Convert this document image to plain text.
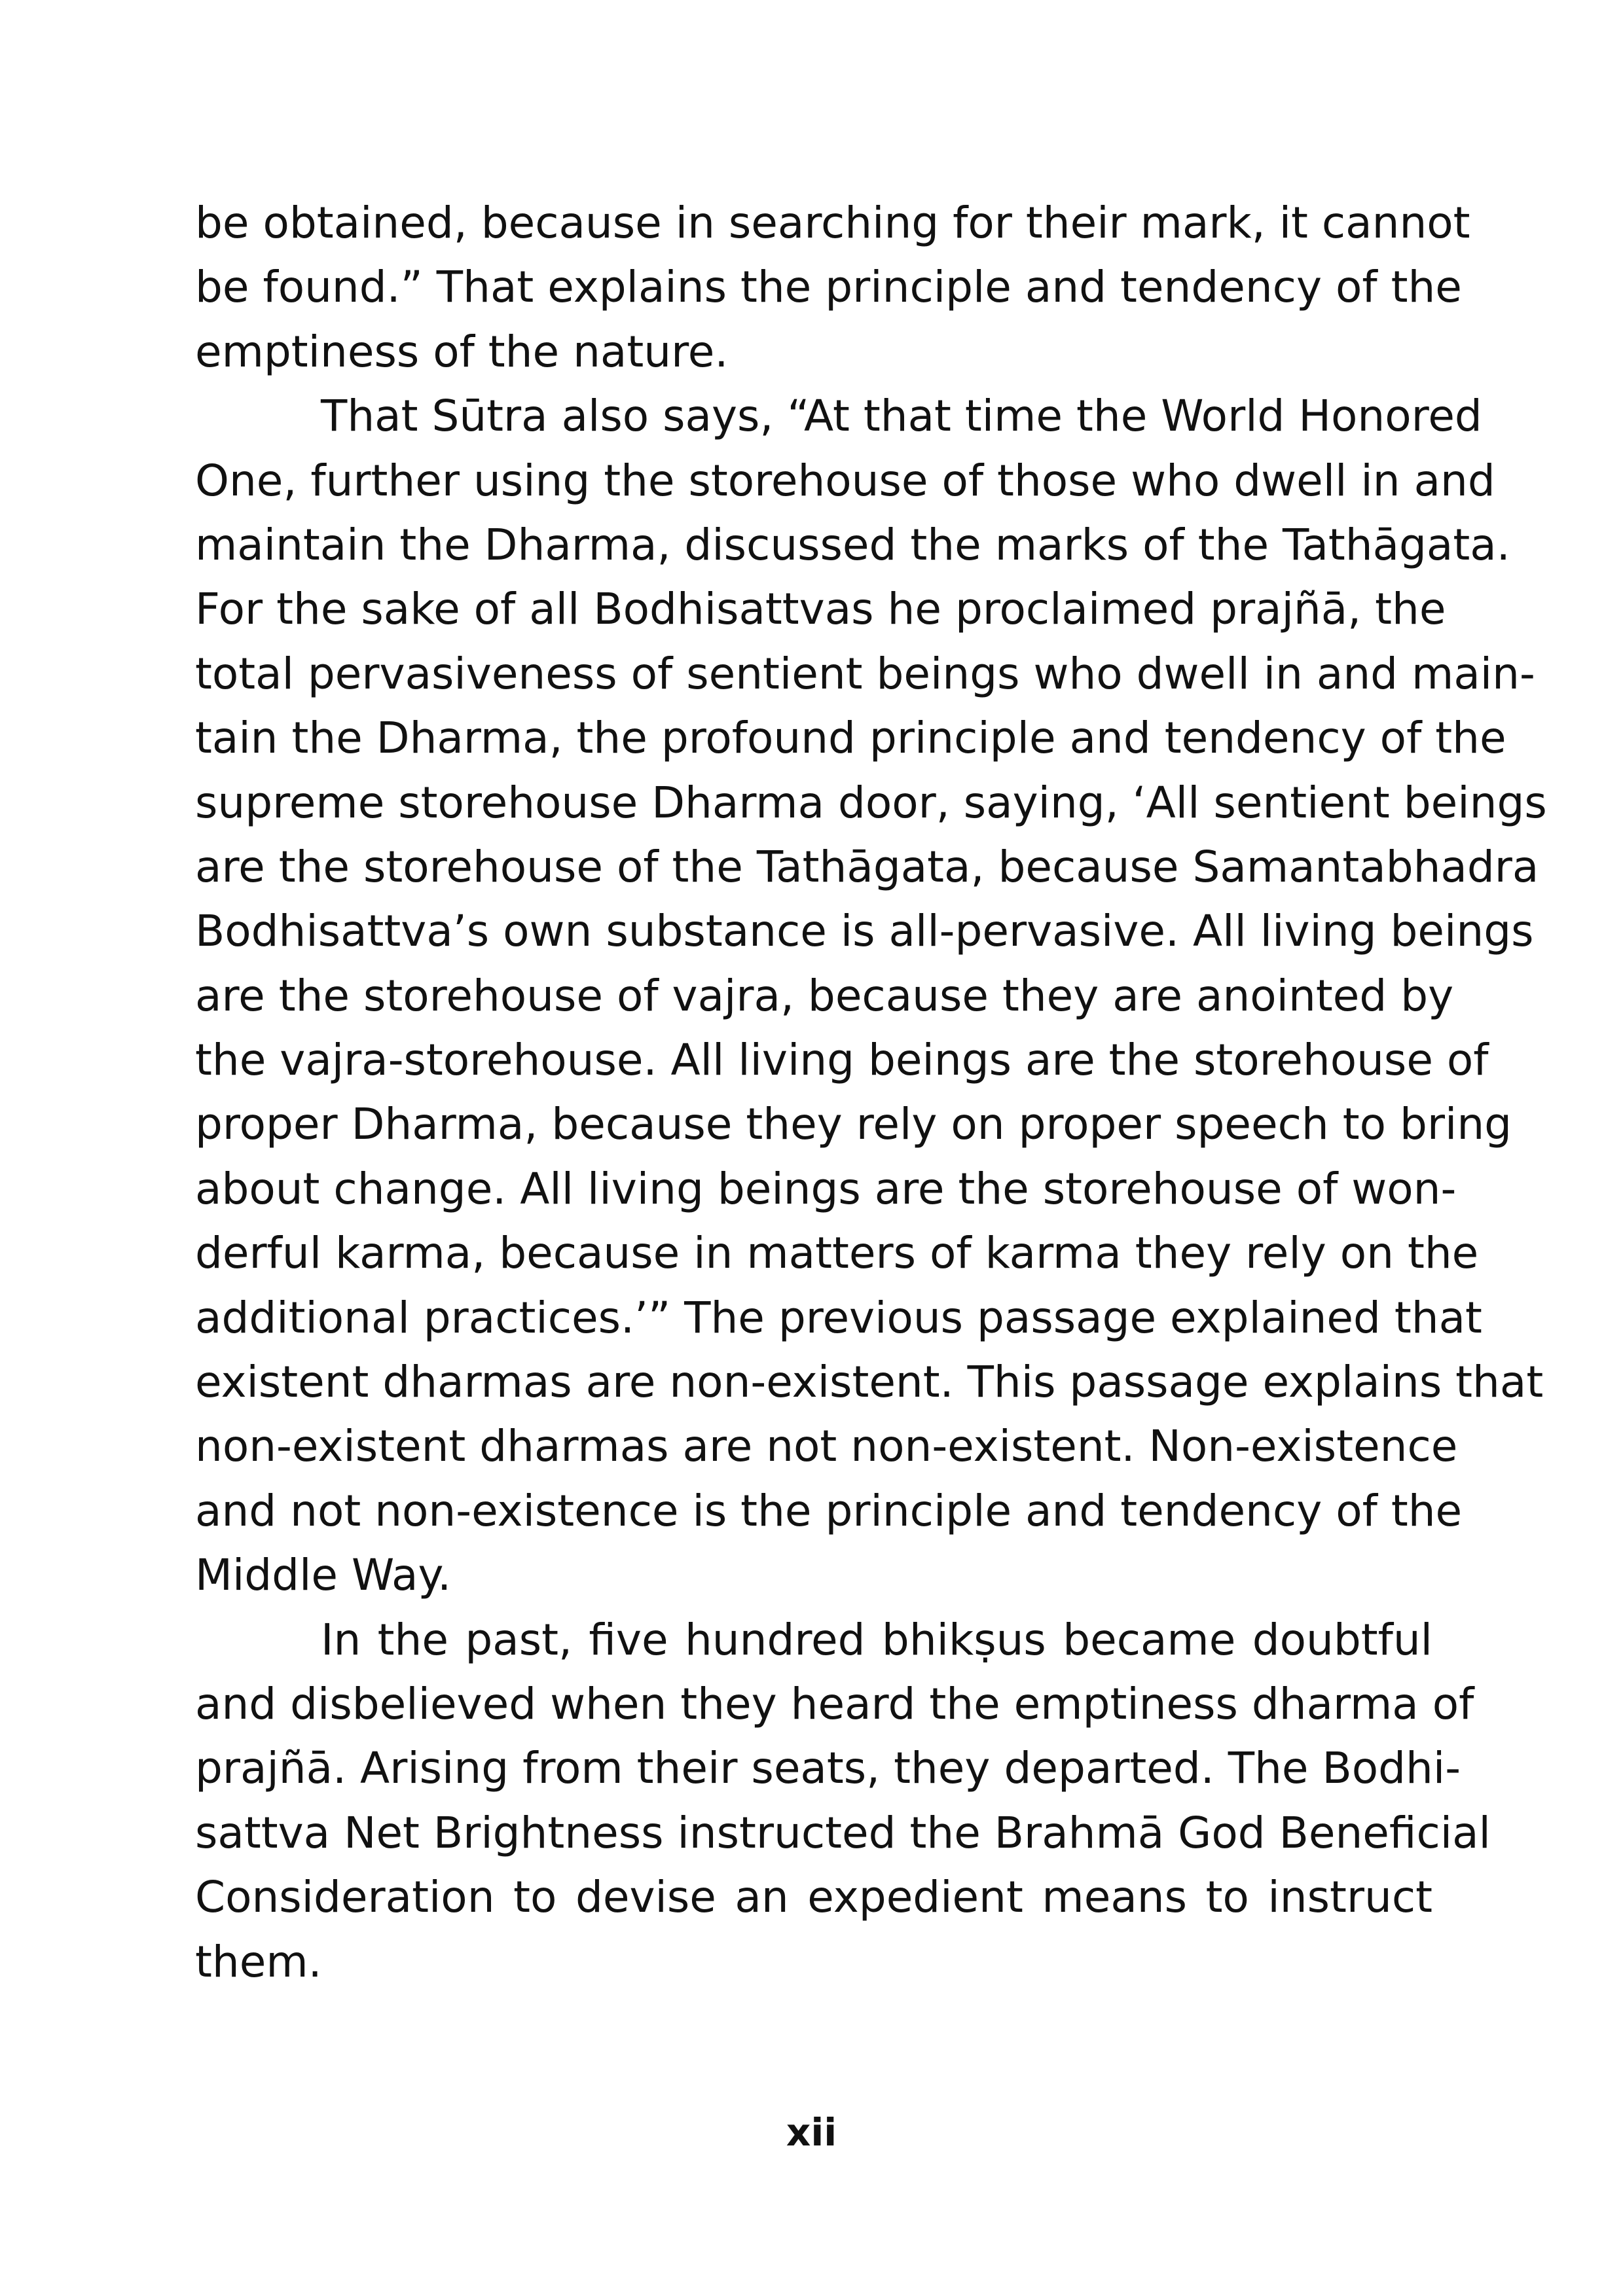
be obtained, because in searching for their mark, it cannot
be found.” That explains the principle and tendency of the
emptiness of the nature.
That Sūtra also says, “At that time the World Honored
One, further using the storehouse of those who dwell in and
maintain the Dharma, discussed the marks of the Tathāgata.
For the sake of all Bodhisattvas he proclaimed prajñā, the
total pervasiveness of sentient beings who dwell in and main-
tain the Dharma, the profound principle and tendency of the
supreme storehouse Dharma door, saying, ‘All sentient beings
are the storehouse of the Tathāgata, because Samantabhadra
Bodhisattva’s own substance is all-pervasive. All living beings
are the storehouse of vajra, because they are anointed by
the vajra-storehouse. All living beings are the storehouse of
proper Dharma, because they rely on proper speech to bring
about change. All living beings are the storehouse of won-
derful karma, because in matters of karma they rely on the
additional practices.’” The previous passage explained that
existent dharmas are non-existent. This passage explains that
non-existent dharmas are not non-existent. Non-existence
and not non-existence is the principle and tendency of the
Middle Way.
In the past, five hundred bhikṣus became doubtful
and disbelieved when they heard the emptiness dharma of
prajñā. Arising from their seats, they departed. The Bodhi-
sattva Net Brightness instructed the Brahmā God Beneficial
Consideration to devise an expedient means to instruct
them.
xii
